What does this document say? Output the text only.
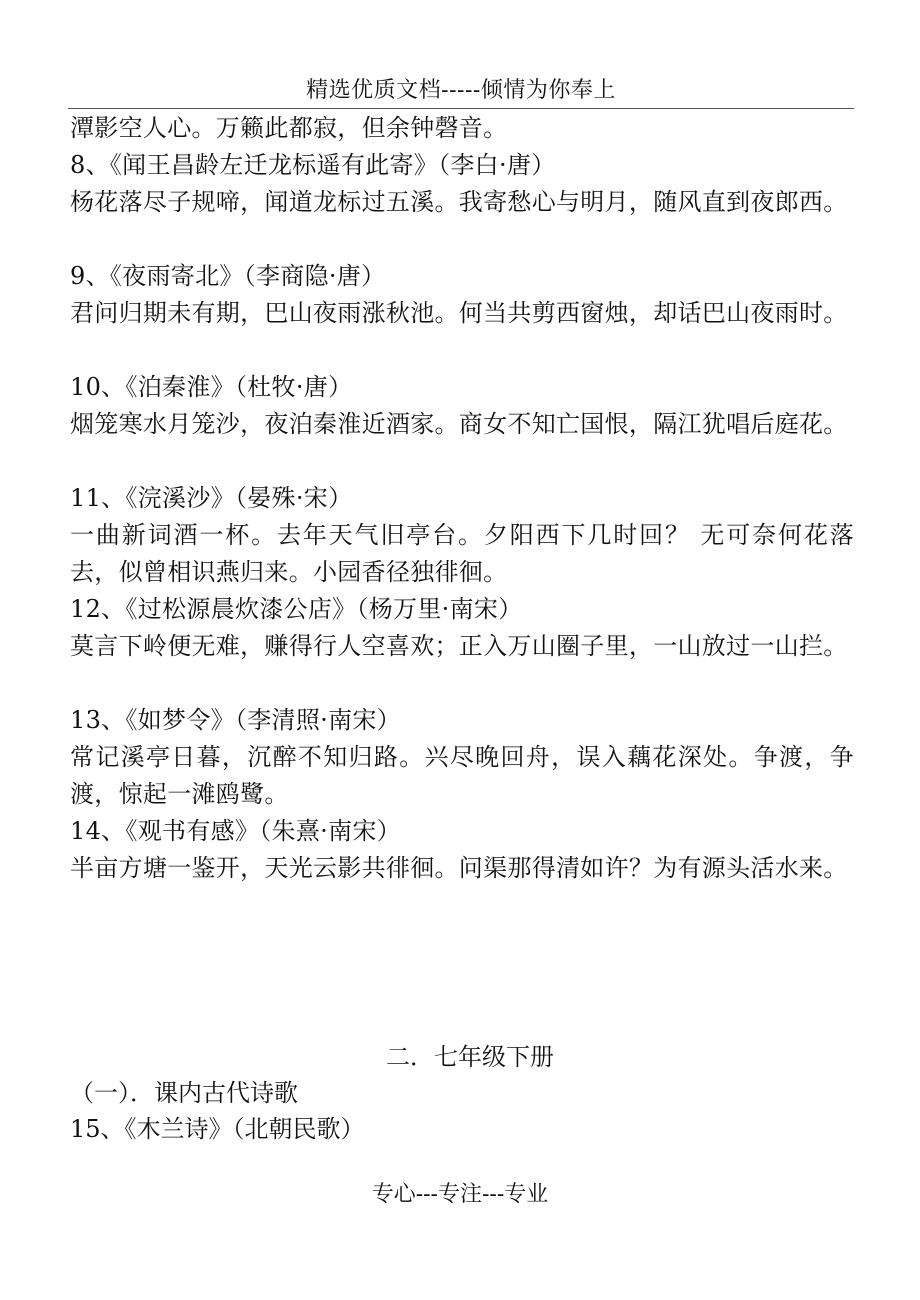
精选优质文档-----倾情为你奉上
潭影空人心。万籁此都寂，但余钟磬音。
8、《闻王昌龄左迁龙标遥有此寄》（李白·唐）
杨花落尽子规啼，闻道龙标过五溪。我寄愁心与明月，随风直到夜郎西。
9、《夜雨寄北》（李商隐·唐）
君问归期未有期，巴山夜雨涨秋池。何当共剪西窗烛，却话巴山夜雨时。
10、《泊秦淮》（杜牧·唐）
烟笼寒水月笼沙，夜泊秦淮近酒家。商女不知亡国恨，隔江犹唱后庭花。
11、《浣溪沙》（晏殊·宋）
一曲新词酒一杯。去年天气旧亭台。夕阳西下几时回？ 无可奈何花落去，似曾相识燕归来。小园香径独徘徊。
12、《过松源晨炊漆公店》（杨万里·南宋）
莫言下岭便无难，赚得行人空喜欢；正入万山圈子里，一山放过一山拦。
13、《如梦令》（李清照·南宋）
常记溪亭日暮，沉醉不知归路。兴尽晚回舟，误入藕花深处。争渡，争渡，惊起一滩鸥鹭。
14、《观书有感》（朱熹·南宋）
半亩方塘一鉴开，天光云影共徘徊。问渠那得清如许？为有源头活水来。
二．七年级下册
（一）．课内古代诗歌
15、《木兰诗》（北朝民歌）
专心---专注---专业
